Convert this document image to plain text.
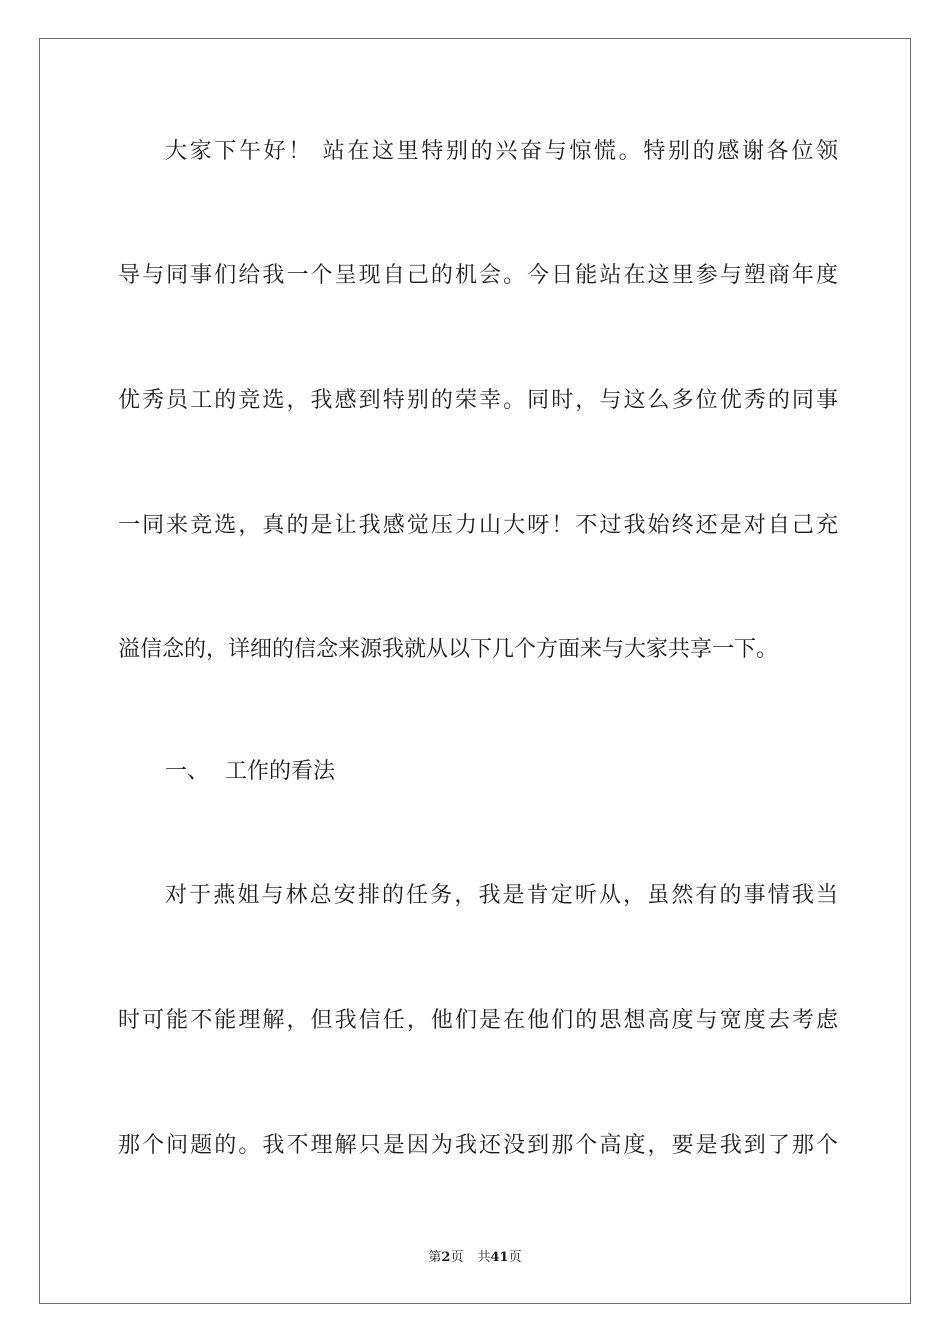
大家下午好！ 站在这里特别的兴奋与惊慌。特别的感谢各位领
导与同事们给我一个呈现自己的机会。今日能站在这里参与塑商年度
优秀员工的竞选，我感到特别的荣幸。同时，与这么多位优秀的同事
一同来竞选，真的是让我感觉压力山大呀！不过我始终还是对自己充
溢信念的，详细的信念来源我就从以下几个方面来与大家共享一下。
一、 工作的看法
对于燕姐与林总安排的任务，我是肯定听从，虽然有的事情我当
时可能不能理解，但我信任，他们是在他们的思想高度与宽度去考虑
那个问题的。我不理解只是因为我还没到那个高度，要是我到了那个
第2页 共41页
